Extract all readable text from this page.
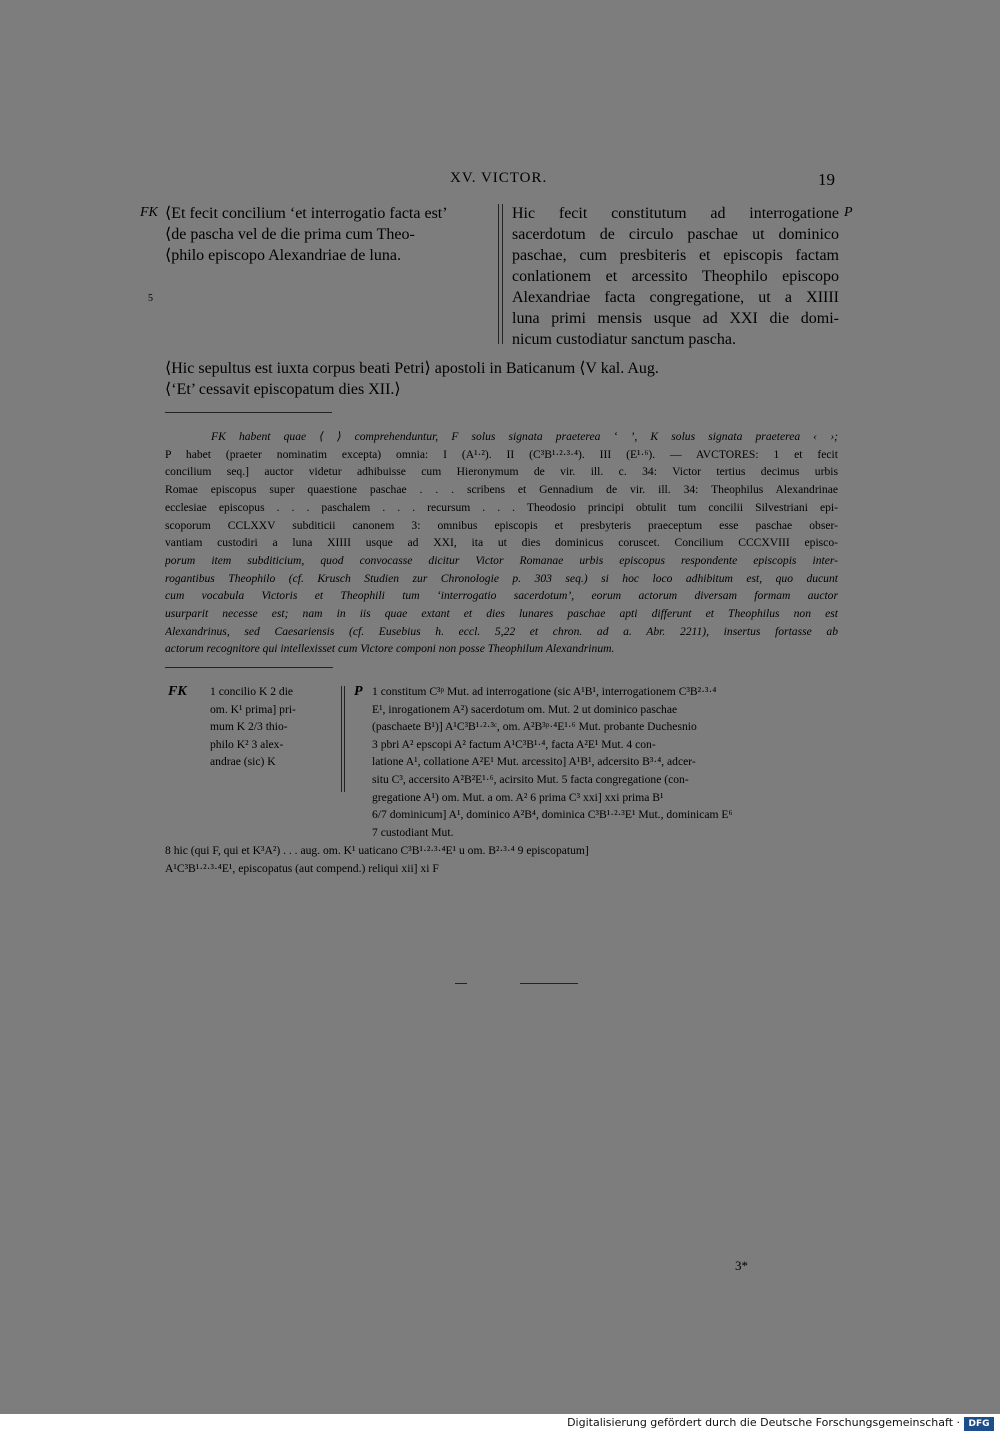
XV. VICTOR.	19
FK ⟨Et fecit concilium ‘et interrogatio facta est’
⟨de pascha vel de die prima cum Theo-
⟨philo episcopo Alexandriae de luna.
Hic fecit constitutum ad interrogatione
sacerdotum de circulo paschae ut dominico
paschae, cum presbiteris et episcopis factam
conlationem et arcessito Theophilo episcopo
Alexandriae facta congregatione, ut a XIIII
luna primi mensis usque ad XXI die domi-
nicum custodiatur sanctum pascha.
P
5
⟨Hic sepultus est iuxta corpus beati Petri⟩ apostoli in Baticanum ⟨V kal. Aug.
⟨‘Et’ cessavit episcopatum dies XII.⟩
FK habent quae ⟨ ⟩ comprehenduntur, F solus signata praeterea ‘ ’, K solus signata praeterea ‹ ›;
P habet (praeter nominatim excepta) omnia: I (A¹·²). II (C³B¹·²·³·⁴). III (E¹·⁶). — AVCTORES: 1 et fecit
concilium seq.] auctor videtur adhibuisse cum Hieronymum de vir. ill. c. 34: Victor tertius decimus urbis
Romae episcopus super quaestione paschae . . . scribens et Gennadium de vir. ill. 34: Theophilus Alexandrinae
ecclesiae episcopus . . . paschalem . . . recursum . . . Theodosio principi obtulit tum concilii Silvestriani epi-
scoporum CCLXXV subditicii canonem 3: omnibus episcopis et presbyteris praeceptum esse paschae obser-
vantiam custodiri a luna XIIII usque ad XXI, ita ut dies dominicus coruscet. Concilium CCCXVIII episco-
porum item subditicium, quod convocasse dicitur Victor Romanae urbis episcopus respondente episcopis inter-
rogantibus Theophilo (cf. Krusch Studien zur Chronologie p. 303 seq.) si hoc loco adhibitum est, quo ducunt
cum vocabula Victoris et Theophili tum ‘interrogatio sacerdotum’, eorum actorum diversam formam auctor
usurparit necesse est; nam in iis quae extant et dies lunares paschae apti differunt et Theophilus non est
Alexandrinus, sed Caesariensis (cf. Eusebius h. eccl. 5,22 et chron. ad a. Abr. 2211), insertus fortasse ab
actorum recognitore qui intellexisset cum Victore componi non posse Theophilum Alexandrinum.
FK 1 concilio K 2 die
om. K¹ prima] pri-
mum K 2/3 thio-
philo K² 3 alex-
andrae (sic) K
P 1 constitum C³ᵖ Mut. ad interrogatione (sic A¹B¹, interrogationem C³B²·³·⁴
E¹, inrogationem A²) sacerdotum om. Mut. 2 ut dominico paschae
(paschaete B¹)] A¹C³B¹·²·³ᶜ, om. A²B³ᵖ·⁴E¹·⁶ Mut. probante Duchesnio
3 pbri A² epscopi A² factum A¹C³B¹·⁴, facta A²E¹ Mut. 4 con-
latione A¹, collatione A²E¹ Mut. arcessito] A¹B¹, adcersito B³·⁴, adcer-
situ C³, accersito A²B²E¹·⁶, acirsito Mut. 5 facta congregatione (con-
gregatione A¹) om. Mut. a om. A² 6 prima C³ xxi] xxi prima B¹
6/7 dominicum] A¹, dominico A²B⁴, dominica C³B¹·²·³E¹ Mut., dominicam E⁶
7 custodiant Mut.
8 hic (qui F, qui et K³A²) . . . aug. om. K¹ uaticano C³B¹·²·³·⁴E¹ u om. B²·³·⁴ 9 episcopatum]
A¹C³B¹·²·³·⁴E¹, episcopatus (aut compend.) reliqui xii] xi F
3*
Digitalisierung gefördert durch die Deutsche Forschungsgemeinschaft · DFG
